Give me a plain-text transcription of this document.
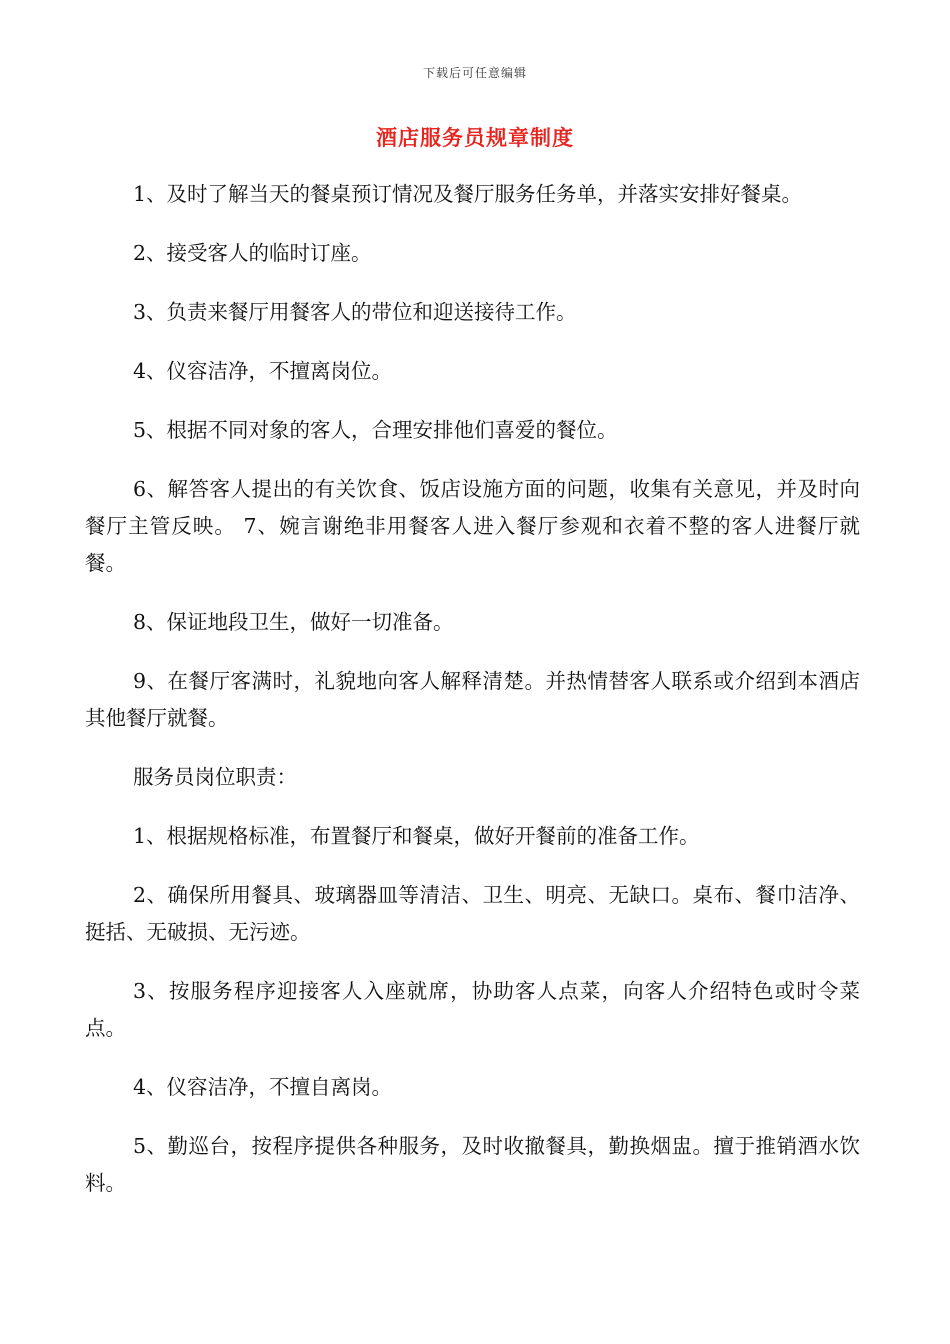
下载后可任意编辑
酒店服务员规章制度

1、及时了解当天的餐桌预订情况及餐厅服务任务单，并落实安排好餐桌。

2、接受客人的临时订座。

3、负责来餐厅用餐客人的带位和迎送接待工作。

4、仪容洁净，不擅离岗位。

5、根据不同对象的客人，合理安排他们喜爱的餐位。

6、解答客人提出的有关饮食、饭店设施方面的问题，收集有关意见，并及时向餐厅主管反映。 7、婉言谢绝非用餐客人进入餐厅参观和衣着不整的客人进餐厅就餐。

8、保证地段卫生，做好一切准备。

9、在餐厅客满时，礼貌地向客人解释清楚。并热情替客人联系或介绍到本酒店其他餐厅就餐。

服务员岗位职责：

1、根据规格标准，布置餐厅和餐桌，做好开餐前的准备工作。

2、确保所用餐具、玻璃器皿等清洁、卫生、明亮、无缺口。桌布、餐巾洁净、挺括、无破损、无污迹。

3、按服务程序迎接客人入座就席，协助客人点菜，向客人介绍特色或时令菜点。

4、仪容洁净，不擅自离岗。

5、勤巡台，按程序提供各种服务，及时收撤餐具，勤换烟盅。擅于推销酒水饮料。
